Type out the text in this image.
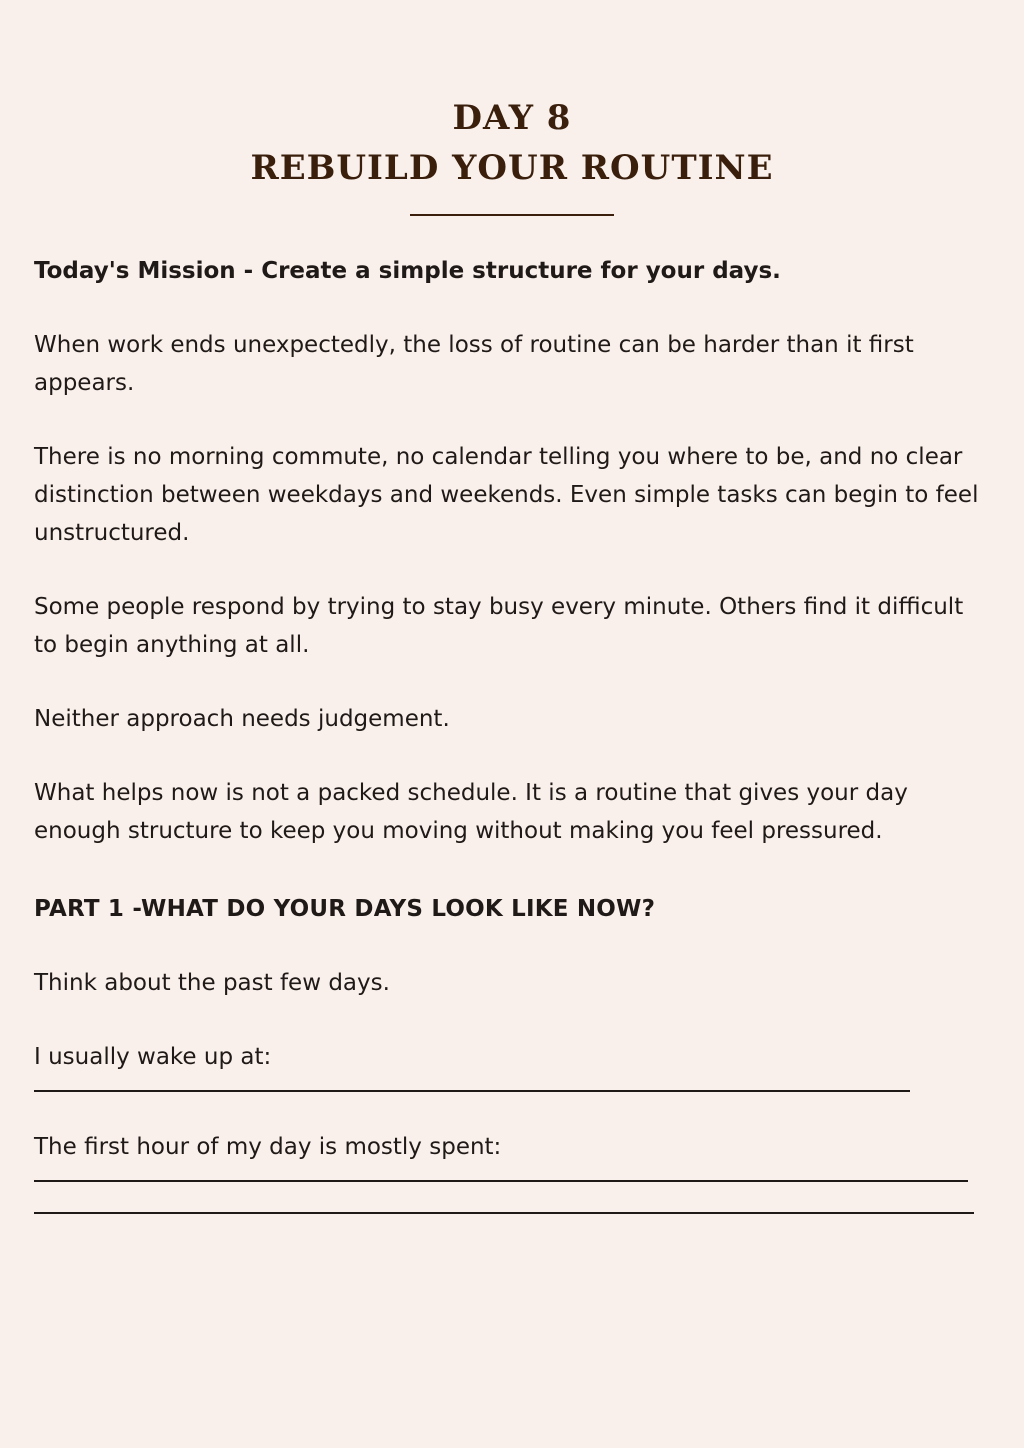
DAY 8
REBUILD YOUR ROUTINE

Today's Mission - Create a simple structure for your days.

When work ends unexpectedly, the loss of routine can be harder than it first appears.

There is no morning commute, no calendar telling you where to be, and no clear distinction between weekdays and weekends. Even simple tasks can begin to feel unstructured.

Some people respond by trying to stay busy every minute. Others find it difficult to begin anything at all.

Neither approach needs judgement.

What helps now is not a packed schedule. It is a routine that gives your day enough structure to keep you moving without making you feel pressured.

PART 1 -WHAT DO YOUR DAYS LOOK LIKE NOW?

Think about the past few days.

I usually wake up at:

The first hour of my day is mostly spent:
